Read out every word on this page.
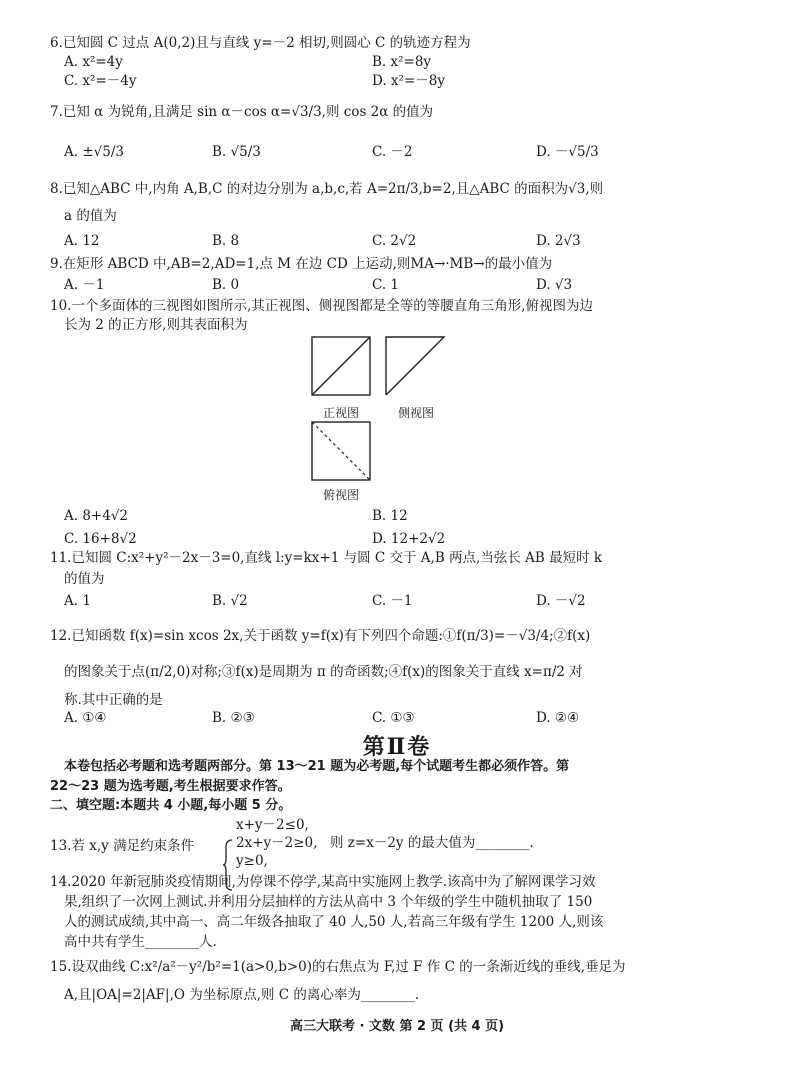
6.已知圆 C 过点 A(0,2)且与直线 y=－2 相切,则圆心 C 的轨迹方程为
A. x²=4y	B. x²=8y
C. x²=－4y	D. x²=－8y
7.已知 α 为锐角,且满足 sin α－cos α=√3/3,则 cos 2α 的值为
A. ±√5/3	B. √5/3	C. －2	D. －√5/3
8.已知△ABC 中,内角 A,B,C 的对边分别为 a,b,c,若 A=2π/3,b=2,且△ABC 的面积为√3,则
a 的值为
A. 12	B. 8	C. 2√2	D. 2√3
9.在矩形 ABCD 中,AB=2,AD=1,点 M 在边 CD 上运动,则MA→·MB→的最小值为
A. －1	B. 0	C. 1	D. √3
10.一个多面体的三视图如图所示,其正视图、侧视图都是全等的等腰直角三角形,俯视图为边
长为 2 的正方形,则其表面积为
正视图	侧视图
俯视图
A. 8+4√2	B. 12
C. 16+8√2	D. 12+2√2
11.已知圆 C:x²+y²－2x－3=0,直线 l:y=kx+1 与圆 C 交于 A,B 两点,当弦长 AB 最短时 k
的值为
A. 1	B. √2	C. －1	D. －√2
12.已知函数 f(x)=sin xcos 2x,关于函数 y=f(x)有下列四个命题:①f(π/3)=－√3/4;②f(x)
的图象关于点(π/2,0)对称;③f(x)是周期为 π 的奇函数;④f(x)的图象关于直线 x=π/2 对
称.其中正确的是
A. ①④	B. ②③	C. ①③	D. ②④
第Ⅱ卷
本卷包括必考题和选考题两部分。第 13～21 题为必考题,每个试题考生都必须作答。第
22～23 题为选考题,考生根据要求作答。
二、填空题:本题共 4 小题,每小题 5 分。
13.若 x,y 满足约束条件
x+y－2≤0,
2x+y－2≥0,
y≥0,
则 z=x－2y 的最大值为________.
14.2020 年新冠肺炎疫情期间,为停课不停学,某高中实施网上教学.该高中为了解网课学习效
果,组织了一次网上测试.并利用分层抽样的方法从高中 3 个年级的学生中随机抽取了 150
人的测试成绩,其中高一、高二年级各抽取了 40 人,50 人,若高三年级有学生 1200 人,则该
高中共有学生________人.
15.设双曲线 C:x²/a²－y²/b²=1(a>0,b>0)的右焦点为 F,过 F 作 C 的一条渐近线的垂线,垂足为
A,且|OA|=2|AF|,O 为坐标原点,则 C 的离心率为________.
高三大联考 · 文数 第 2 页 (共 4 页)
